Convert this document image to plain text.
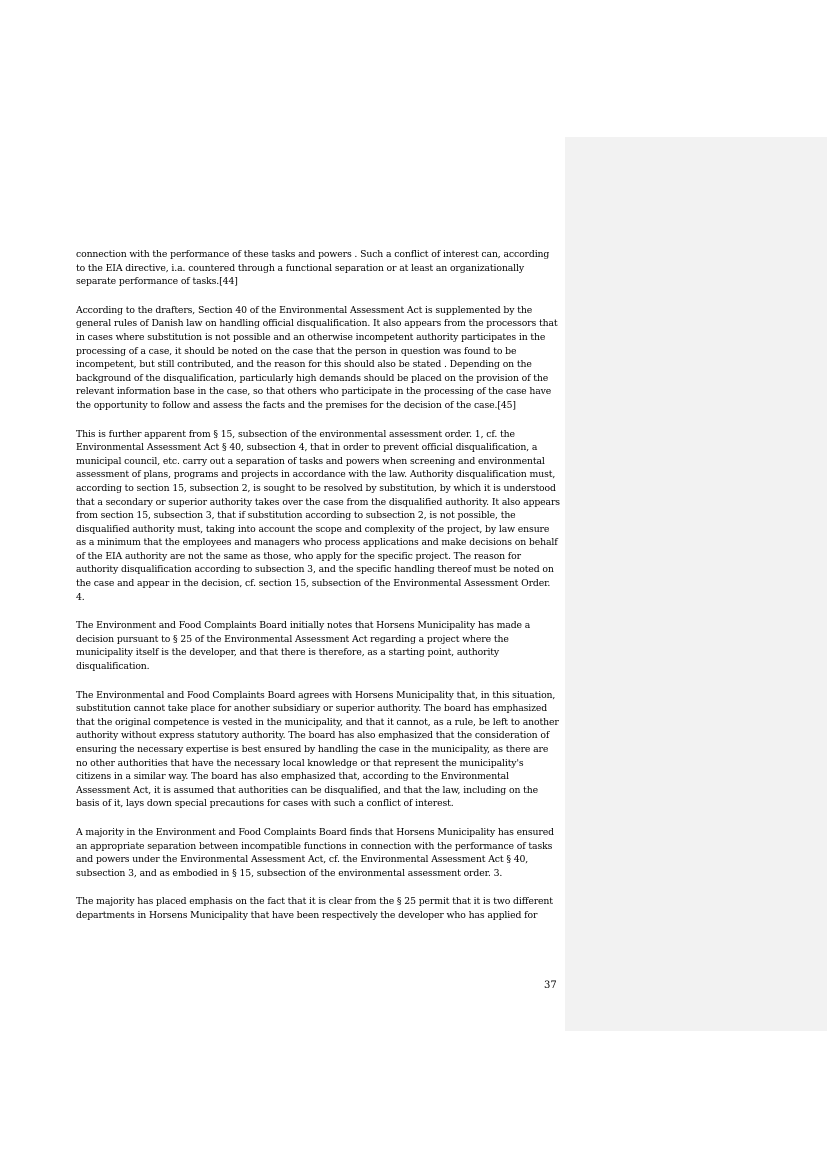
connection with the performance of these tasks and powers . Such a conflict of interest can, according to the EIA directive, i.a. countered through a functional separation or at least an organizationally separate performance of tasks.[44]

According to the drafters, Section 40 of the Environmental Assessment Act is supplemented by the general rules of Danish law on handling official disqualification. It also appears from the processors that in cases where substitution is not possible and an otherwise incompetent authority participates in the processing of a case, it should be noted on the case that the person in question was found to be incompetent, but still contributed, and the reason for this should also be stated . Depending on the background of the disqualification, particularly high demands should be placed on the provision of the relevant information base in the case, so that others who participate in the processing of the case have the opportunity to follow and assess the facts and the premises for the decision of the case.[45]

This is further apparent from § 15, subsection of the environmental assessment order. 1, cf. the Environmental Assessment Act § 40, subsection 4, that in order to prevent official disqualification, a municipal council, etc. carry out a separation of tasks and powers when screening and environmental assessment of plans, programs and projects in accordance with the law. Authority disqualification must, according to section 15, subsection 2, is sought to be resolved by substitution, by which it is understood that a secondary or superior authority takes over the case from the disqualified authority. It also appears from section 15, subsection 3, that if substitution according to subsection 2, is not possible, the disqualified authority must, taking into account the scope and complexity of the project, by law ensure as a minimum that the employees and managers who process applications and make decisions on behalf of the EIA authority are not the same as those, who apply for the specific project. The reason for authority disqualification according to subsection 3, and the specific handling thereof must be noted on the case and appear in the decision, cf. section 15, subsection of the Environmental Assessment Order. 4.

The Environment and Food Complaints Board initially notes that Horsens Municipality has made a decision pursuant to § 25 of the Environmental Assessment Act regarding a project where the municipality itself is the developer, and that there is therefore, as a starting point, authority disqualification.

The Environmental and Food Complaints Board agrees with Horsens Municipality that, in this situation, substitution cannot take place for another subsidiary or superior authority. The board has emphasized that the original competence is vested in the municipality, and that it cannot, as a rule, be left to another authority without express statutory authority. The board has also emphasized that the consideration of ensuring the necessary expertise is best ensured by handling the case in the municipality, as there are no other authorities that have the necessary local knowledge or that represent the municipality's citizens in a similar way. The board has also emphasized that, according to the Environmental Assessment Act, it is assumed that authorities can be disqualified, and that the law, including on the basis of it, lays down special precautions for cases with such a conflict of interest.

A majority in the Environment and Food Complaints Board finds that Horsens Municipality has ensured an appropriate separation between incompatible functions in connection with the performance of tasks and powers under the Environmental Assessment Act, cf. the Environmental Assessment Act § 40, subsection 3, and as embodied in § 15, subsection of the environmental assessment order. 3.

The majority has placed emphasis on the fact that it is clear from the § 25 permit that it is two different departments in Horsens Municipality that have been respectively the developer who has applied for

37
